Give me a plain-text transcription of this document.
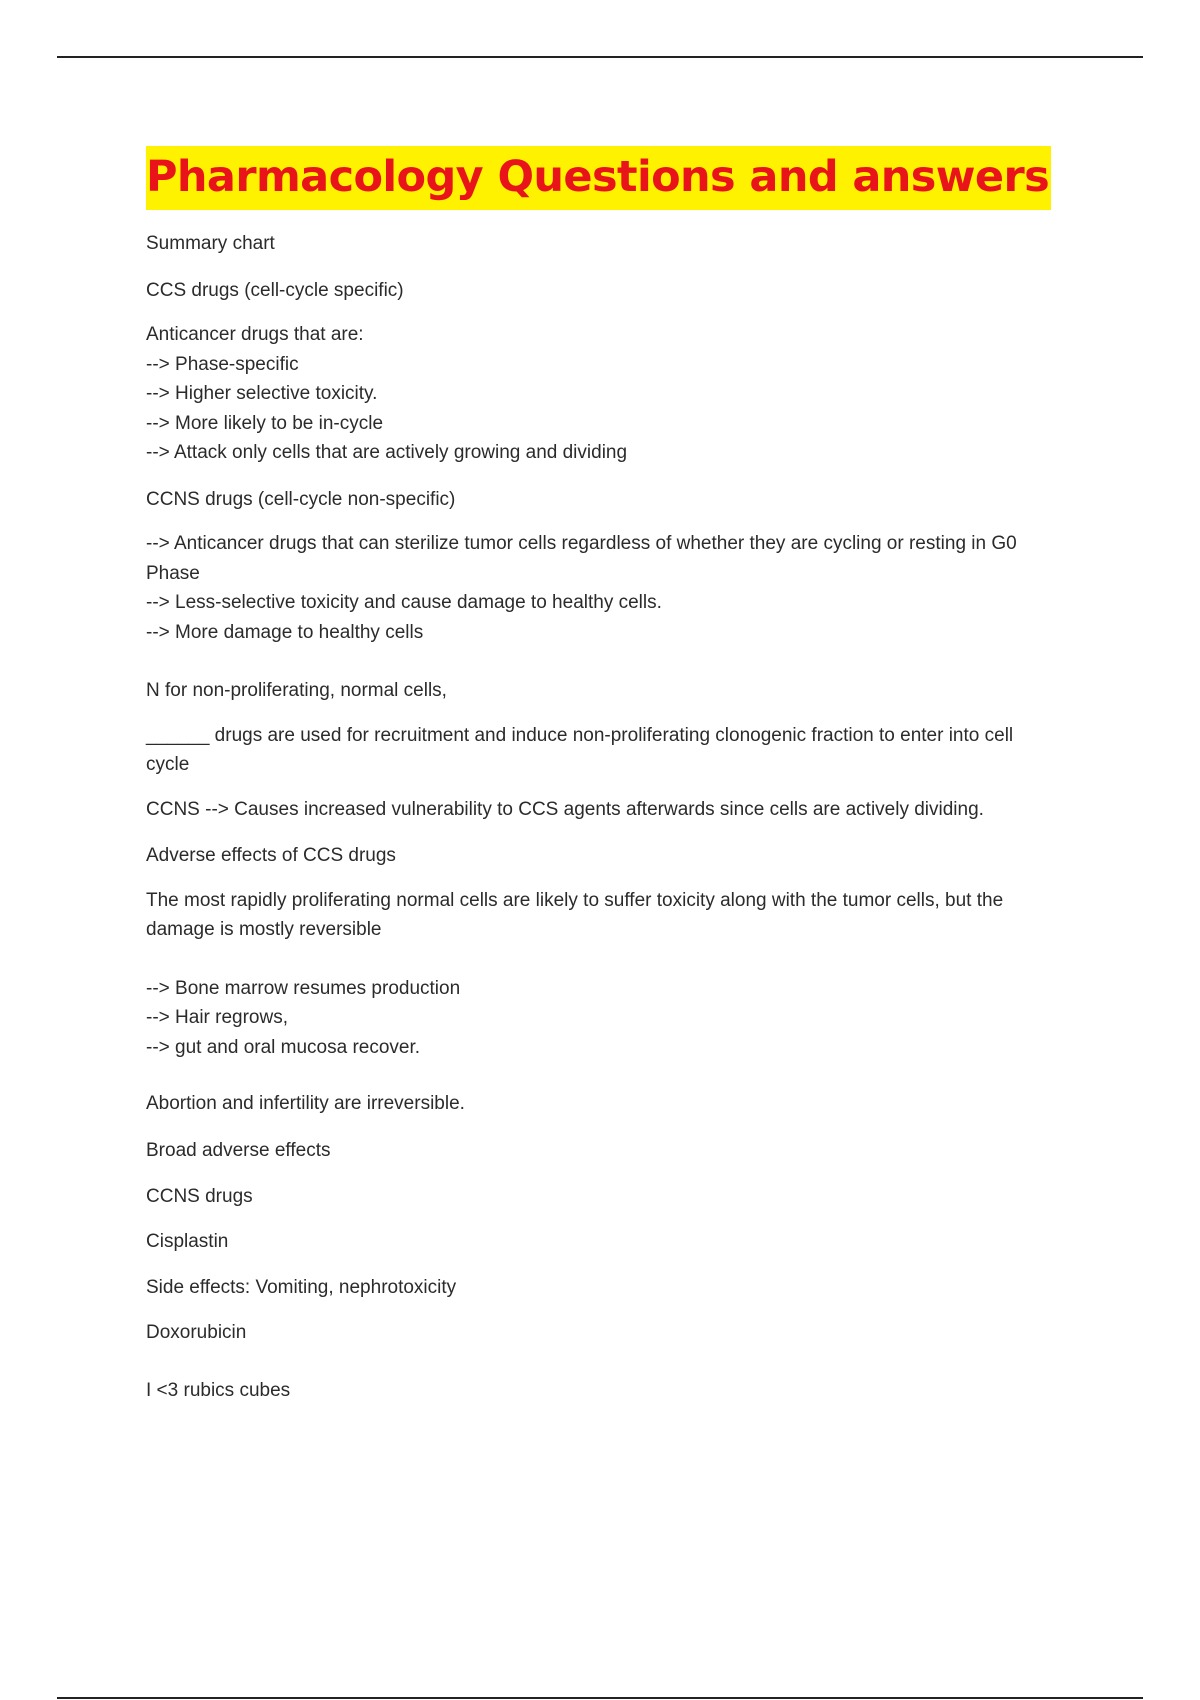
Pharmacology Questions and answers

Summary chart

CCS drugs (cell-cycle specific)

Anticancer drugs that are:
--> Phase-specific
--> Higher selective toxicity.
--> More likely to be in-cycle
--> Attack only cells that are actively growing and dividing

CCNS drugs (cell-cycle non-specific)

--> Anticancer drugs that can sterilize tumor cells regardless of whether they are cycling or resting in G0
Phase
--> Less-selective toxicity and cause damage to healthy cells.
--> More damage to healthy cells

N for non-proliferating, normal cells,

______ drugs are used for recruitment and induce non-proliferating clonogenic fraction to enter into cell
cycle

CCNS --> Causes increased vulnerability to CCS agents afterwards since cells are actively dividing.

Adverse effects of CCS drugs

The most rapidly proliferating normal cells are likely to suffer toxicity along with the tumor cells, but the
damage is mostly reversible

--> Bone marrow resumes production
--> Hair regrows,
--> gut and oral mucosa recover.

Abortion and infertility are irreversible.

Broad adverse effects

CCNS drugs

Cisplastin

Side effects: Vomiting, nephrotoxicity

Doxorubicin

I <3 rubics cubes
